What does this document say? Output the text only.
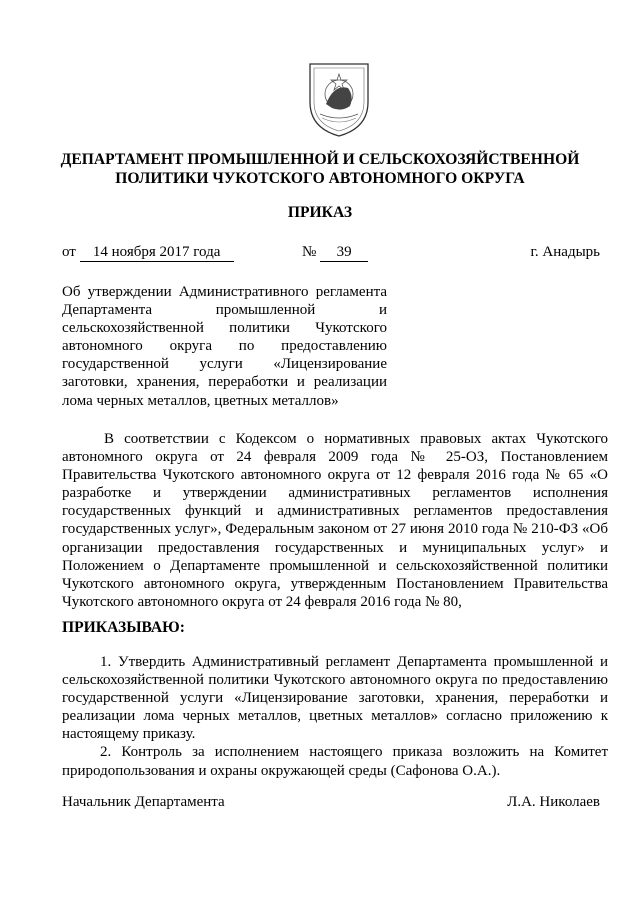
ДЕПАРТАМЕНТ ПРОМЫШЛЕННОЙ И СЕЛЬСКОХОЗЯЙСТВЕННОЙ
ПОЛИТИКИ ЧУКОТСКОГО АВТОНОМНОГО ОКРУГА
ПРИКАЗ
от 14 ноября 2017 года	№ 39	г. Анадырь
Об утверждении Административного регламента Департамента промышленной и сельскохозяйственной политики Чукотского автономного округа по предоставлению государственной услуги «Лицензирование заготовки, хранения, переработки и реализации лома черных металлов, цветных металлов»
В соответствии с Кодексом о нормативных правовых актах Чукотского автономного округа от 24 февраля 2009 года № 25-ОЗ, Постановлением Правительства Чукотского автономного округа от 12 февраля 2016 года № 65 «О разработке и утверждении административных регламентов исполнения государственных функций и административных регламентов предоставления государственных услуг», Федеральным законом от 27 июня 2010 года № 210-ФЗ «Об организации предоставления государственных и муниципальных услуг» и Положением о Департаменте промышленной и сельскохозяйственной политики Чукотского автономного округа, утвержденным Постановлением Правительства Чукотского автономного округа от 24 февраля 2016 года № 80,
ПРИКАЗЫВАЮ:

1. Утвердить Административный регламент Департамента промышленной и сельскохозяйственной политики Чукотского автономного округа по предоставлению государственной услуги «Лицензирование заготовки, хранения, переработки и реализации лома черных металлов, цветных металлов» согласно приложению к настоящему приказу.

2. Контроль за исполнением настоящего приказа возложить на Комитет природопользования и охраны окружающей среды (Сафонова О.А.).

Начальник Департамента	Л.А. Николаев
